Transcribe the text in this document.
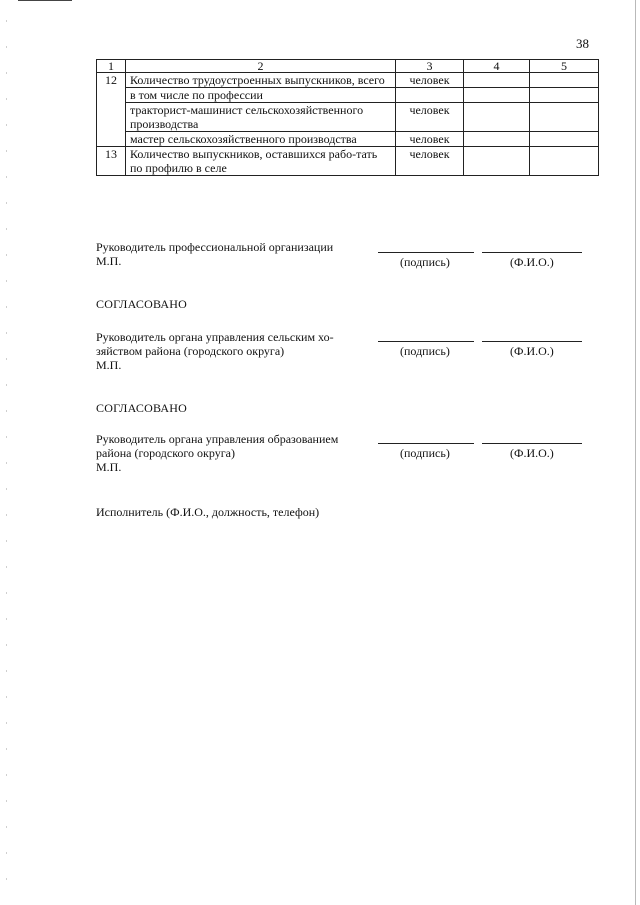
38
1	2	3	4	5
12	Количество трудоустроенных выпускников, всего	человек		
	в том числе по профессии			
	тракторист-машинист сельскохозяйственного производства	человек		
	мастер сельскохозяйственного производства	человек		
13	Количество выпускников, оставшихся рабо-тать по профилю в селе	человек		
Руководитель профессиональной организации
М.П.	(подпись)	(Ф.И.О.)
СОГЛАСОВАНО
Руководитель органа управления сельским хо-зяйством района (городского округа)
М.П.
(подпись)	(Ф.И.О.)
СОГЛАСОВАНО
Руководитель органа управления образованием района (городского округа)
М.П.
(подпись)	(Ф.И.О.)
Исполнитель (Ф.И.О., должность, телефон)
